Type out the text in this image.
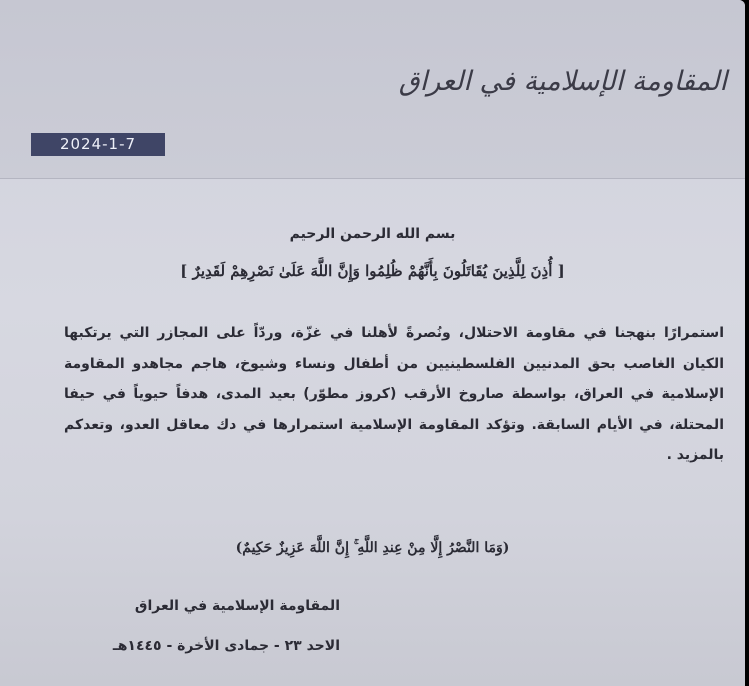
المقاومة الإسلامية في العراق
2024-1-7
بسم الله الرحمن الرحيم
[ أُذِنَ لِلَّذِينَ يُقَاتَلُونَ بِأَنَّهُمْ ظُلِمُوا وَإِنَّ اللَّهَ عَلَىٰ نَصْرِهِمْ لَقَدِيرٌ ]
استمرارًا بنهجنا في مقاومة الاحتلال، ونُصرةً لأهلنا في غزّة، وردّاً على المجازر التي يرتكبها
الكيان الغاصب بحق المدنيين الفلسطينيين من أطفال ونساء وشيوخ، هاجم مجاهدو المقاومة
الإسلامية في العراق، بواسطة صاروخ الأرقب (كروز مطوّر) بعيد المدى، هدفاً حيوياً في حيفا
المحتلة، في الأيام السابقة. وتؤكد المقاومة الإسلامية استمرارها في دك معاقل العدو، وتعدكم
بالمزيد .
(وَمَا النَّصْرُ إِلَّا مِنْ عِندِ اللَّهِ ۚ إِنَّ اللَّهَ عَزِيزٌ حَكِيمٌ)
المقاومة الإسلامية في العراق
الاحد ٢٣ - جمادى الأخرة - ١٤٤٥هـ
